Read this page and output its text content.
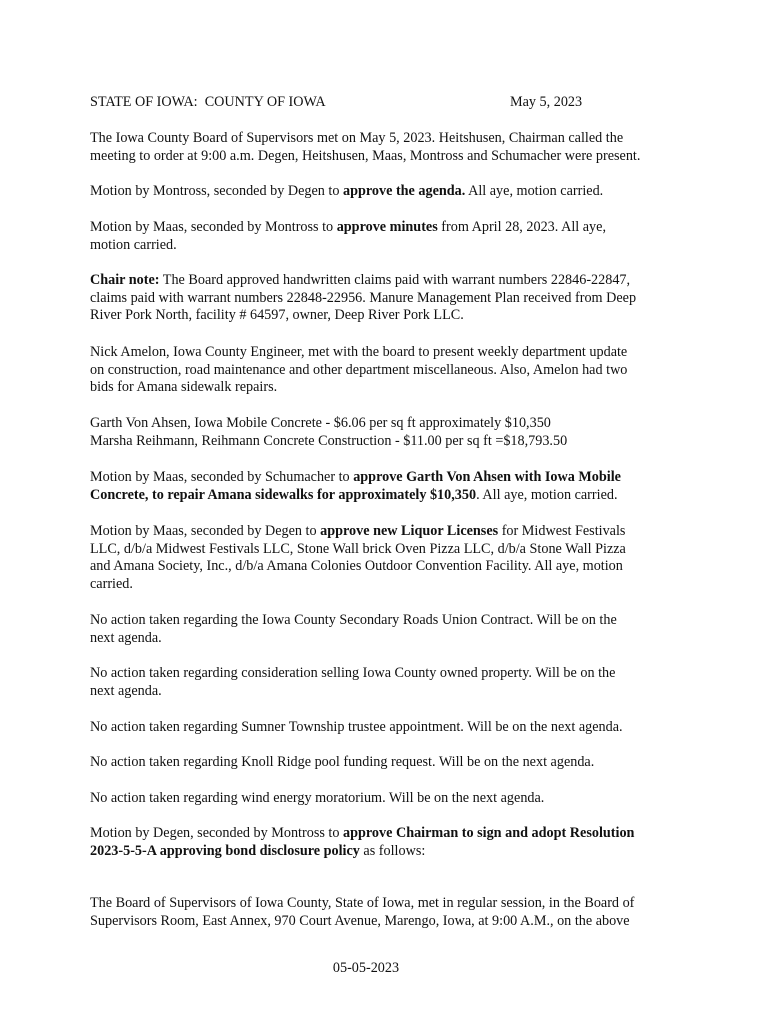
STATE OF IOWA:  COUNTY OF IOWA	May 5, 2023

The Iowa County Board of Supervisors met on May 5, 2023. Heitshusen, Chairman called the
meeting to order at 9:00 a.m. Degen, Heitshusen, Maas, Montross and Schumacher were present.

Motion by Montross, seconded by Degen to approve the agenda. All aye, motion carried.

Motion by Maas, seconded by Montross to approve minutes from April 28, 2023. All aye,
motion carried.

Chair note: The Board approved handwritten claims paid with warrant numbers 22846-22847,
claims paid with warrant numbers 22848-22956. Manure Management Plan received from Deep
River Pork North, facility # 64597, owner, Deep River Pork LLC.

Nick Amelon, Iowa County Engineer, met with the board to present weekly department update
on construction, road maintenance and other department miscellaneous. Also, Amelon had two
bids for Amana sidewalk repairs.

Garth Von Ahsen, Iowa Mobile Concrete - $6.06 per sq ft approximately $10,350
Marsha Reihmann, Reihmann Concrete Construction - $11.00 per sq ft =$18,793.50

Motion by Maas, seconded by Schumacher to approve Garth Von Ahsen with Iowa Mobile
Concrete, to repair Amana sidewalks for approximately $10,350. All aye, motion carried.

Motion by Maas, seconded by Degen to approve new Liquor Licenses for Midwest Festivals
LLC, d/b/a Midwest Festivals LLC, Stone Wall brick Oven Pizza LLC, d/b/a Stone Wall Pizza
and Amana Society, Inc., d/b/a Amana Colonies Outdoor Convention Facility. All aye, motion
carried.

No action taken regarding the Iowa County Secondary Roads Union Contract. Will be on the
next agenda.

No action taken regarding consideration selling Iowa County owned property. Will be on the
next agenda.

No action taken regarding Sumner Township trustee appointment. Will be on the next agenda.

No action taken regarding Knoll Ridge pool funding request. Will be on the next agenda.

No action taken regarding wind energy moratorium. Will be on the next agenda.

Motion by Degen, seconded by Montross to approve Chairman to sign and adopt Resolution
2023-5-5-A approving bond disclosure policy as follows:

The Board of Supervisors of Iowa County, State of Iowa, met in regular session, in the Board of
Supervisors Room, East Annex, 970 Court Avenue, Marengo, Iowa, at 9:00 A.M., on the above

05-05-2023
